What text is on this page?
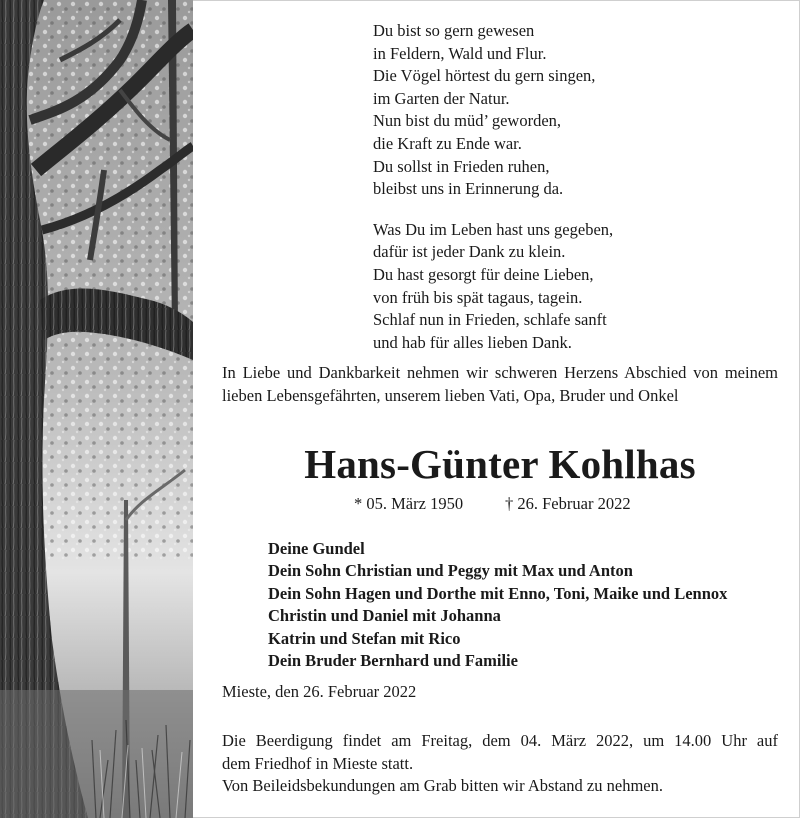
Du bist so gern gewesen
in Feldern, Wald und Flur.
Die Vögel hörtest du gern singen,
im Garten der Natur.
Nun bist du müd’ geworden,
die Kraft zu Ende war.
Du sollst in Frieden ruhen,
bleibst uns in Erinnerung da.
Was Du im Leben hast uns gegeben,
dafür ist jeder Dank zu klein.
Du hast gesorgt für deine Lieben,
von früh bis spät tagaus, tagein.
Schlaf nun in Frieden, schlafe sanft
und hab für alles lieben Dank.
In Liebe und Dankbarkeit nehmen wir schweren Herzens Abschied von meinem lieben Lebensgefährten, unserem lieben Vati, Opa, Bruder und Onkel
Hans-Günter Kohlhas
* 05. März 1950	† 26. Februar 2022
Deine Gundel
Dein Sohn Christian und Peggy mit Max und Anton
Dein Sohn Hagen und Dorthe mit Enno, Toni, Maike und Lennox
Christin und Daniel mit Johanna
Katrin und Stefan mit Rico
Dein Bruder Bernhard und Familie
Mieste, den 26. Februar 2022
Die Beerdigung findet am Freitag, dem 04. März 2022, um 14.00 Uhr auf
dem Friedhof in Mieste statt.
Von Beileidsbekundungen am Grab bitten wir Abstand zu nehmen.
